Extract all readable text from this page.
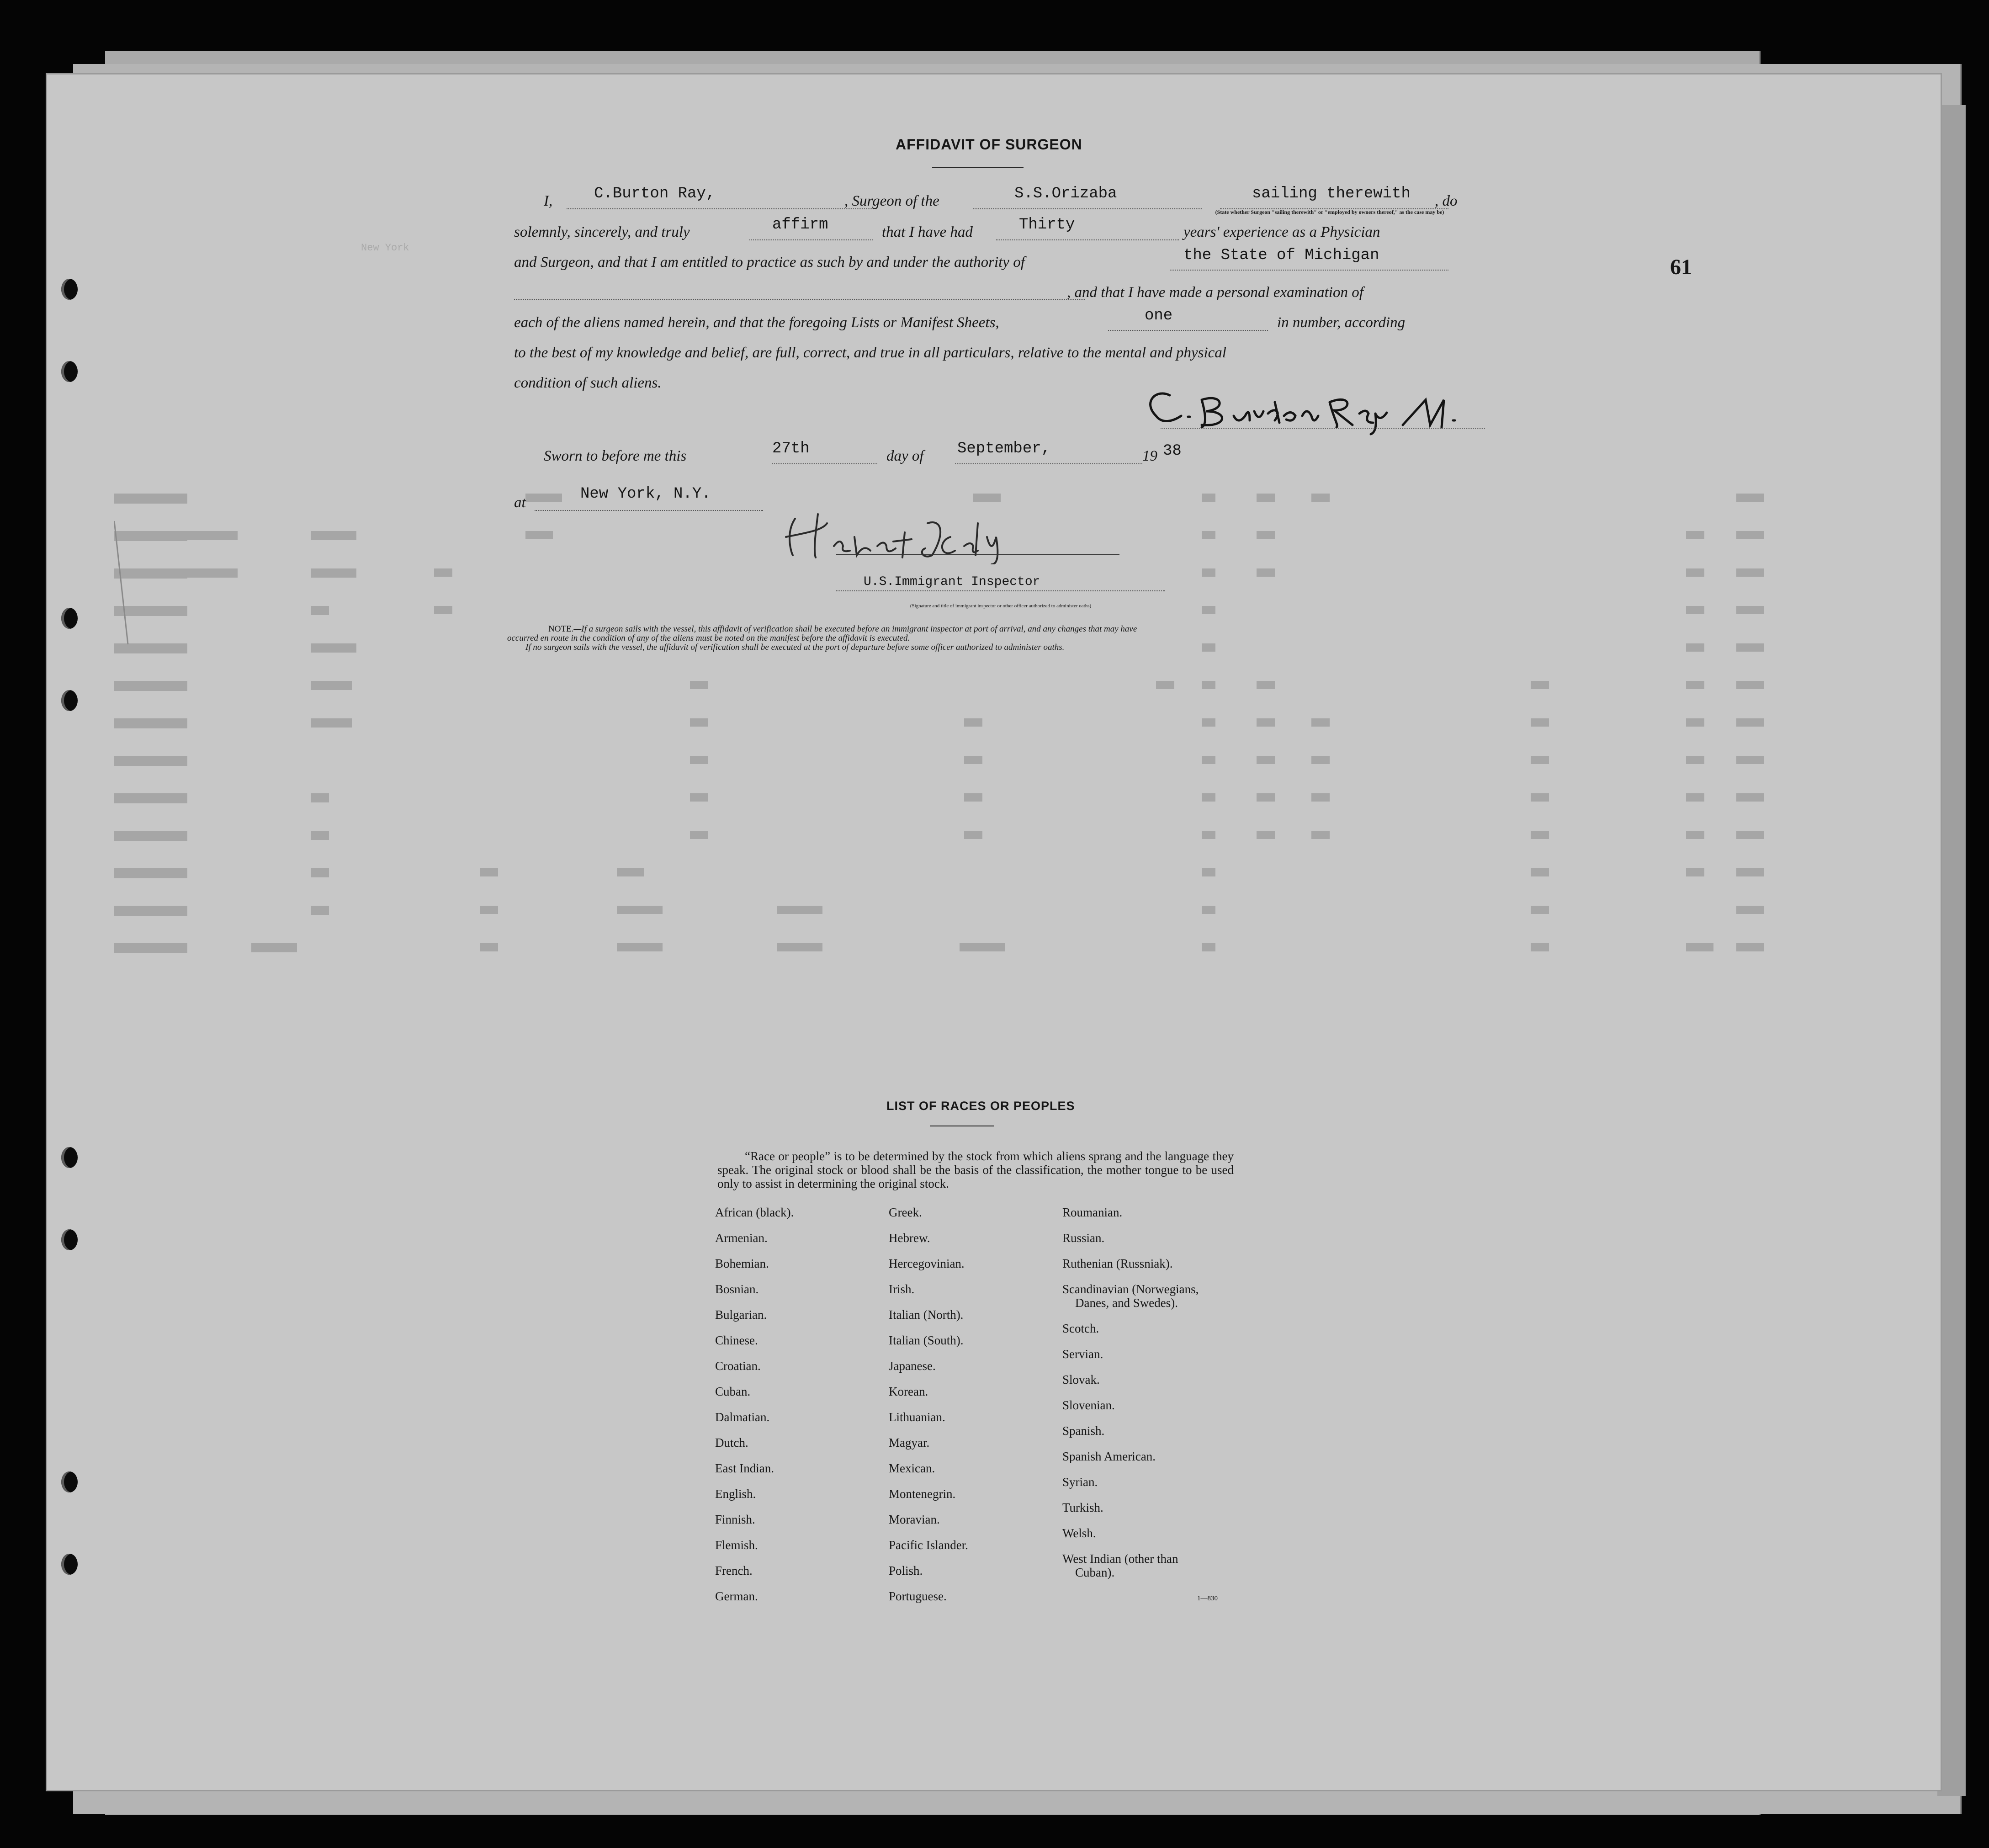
New York
61
AFFIDAVIT OF SURGEON
I,	C.Burton Ray,	, Surgeon of the	S.S.Orizaba	sailing therewith
(State whether Surgeon "sailing therewith" or "employed by owners thereof," as the case may be)
, do
solemnly, sincerely, and truly	affirm	that I have had	Thirty	years' experience as a Physician
and Surgeon, and that I am entitled to practice as such by and under the authority of	the State of Michigan
, and that I have made a personal examination of
each of the aliens named herein, and that the foregoing Lists or Manifest Sheets,	one	in number, according
to the best of my knowledge and belief, are full, correct, and true in all particulars, relative to the mental and physical
condition of such aliens.
Sworn to before me this	27th	day of September,	19 38
at	New York, N.Y.
U.S.Immigrant Inspector
(Signature and title of immigrant inspector or other officer authorized to administer oaths)
NOTE.—If a surgeon sails with the vessel, this affidavit of verification shall be executed before an immigrant inspector at port of arrival, and any changes that may have
occurred en route in the condition of any of the aliens must be noted on the manifest before the affidavit is executed.
If no surgeon sails with the vessel, the affidavit of verification shall be executed at the port of departure before some officer authorized to administer oaths.
LIST OF RACES OR PEOPLES
“Race or people” is to be determined by the stock from which aliens sprang and the language they speak. The original stock or blood shall be the basis of the classification, the mother tongue to be used only to assist in determining the original stock.
African (black).
Armenian.
Bohemian.
Bosnian.
Bulgarian.
Chinese.
Croatian.
Cuban.
Dalmatian.
Dutch.
East Indian.
English.
Finnish.
Flemish.
French.
German.
Greek.
Hebrew.
Hercegovinian.
Irish.
Italian (North).
Italian (South).
Japanese.
Korean.
Lithuanian.
Magyar.
Mexican.
Montenegrin.
Moravian.
Pacific Islander.
Polish.
Portuguese.
Roumanian.
Russian.
Ruthenian (Russniak).
Scandinavian (Norwegians, Danes, and Swedes).
Scotch.
Servian.
Slovak.
Slovenian.
Spanish.
Spanish American.
Syrian.
Turkish.
Welsh.
West Indian (other than Cuban).
1—830
